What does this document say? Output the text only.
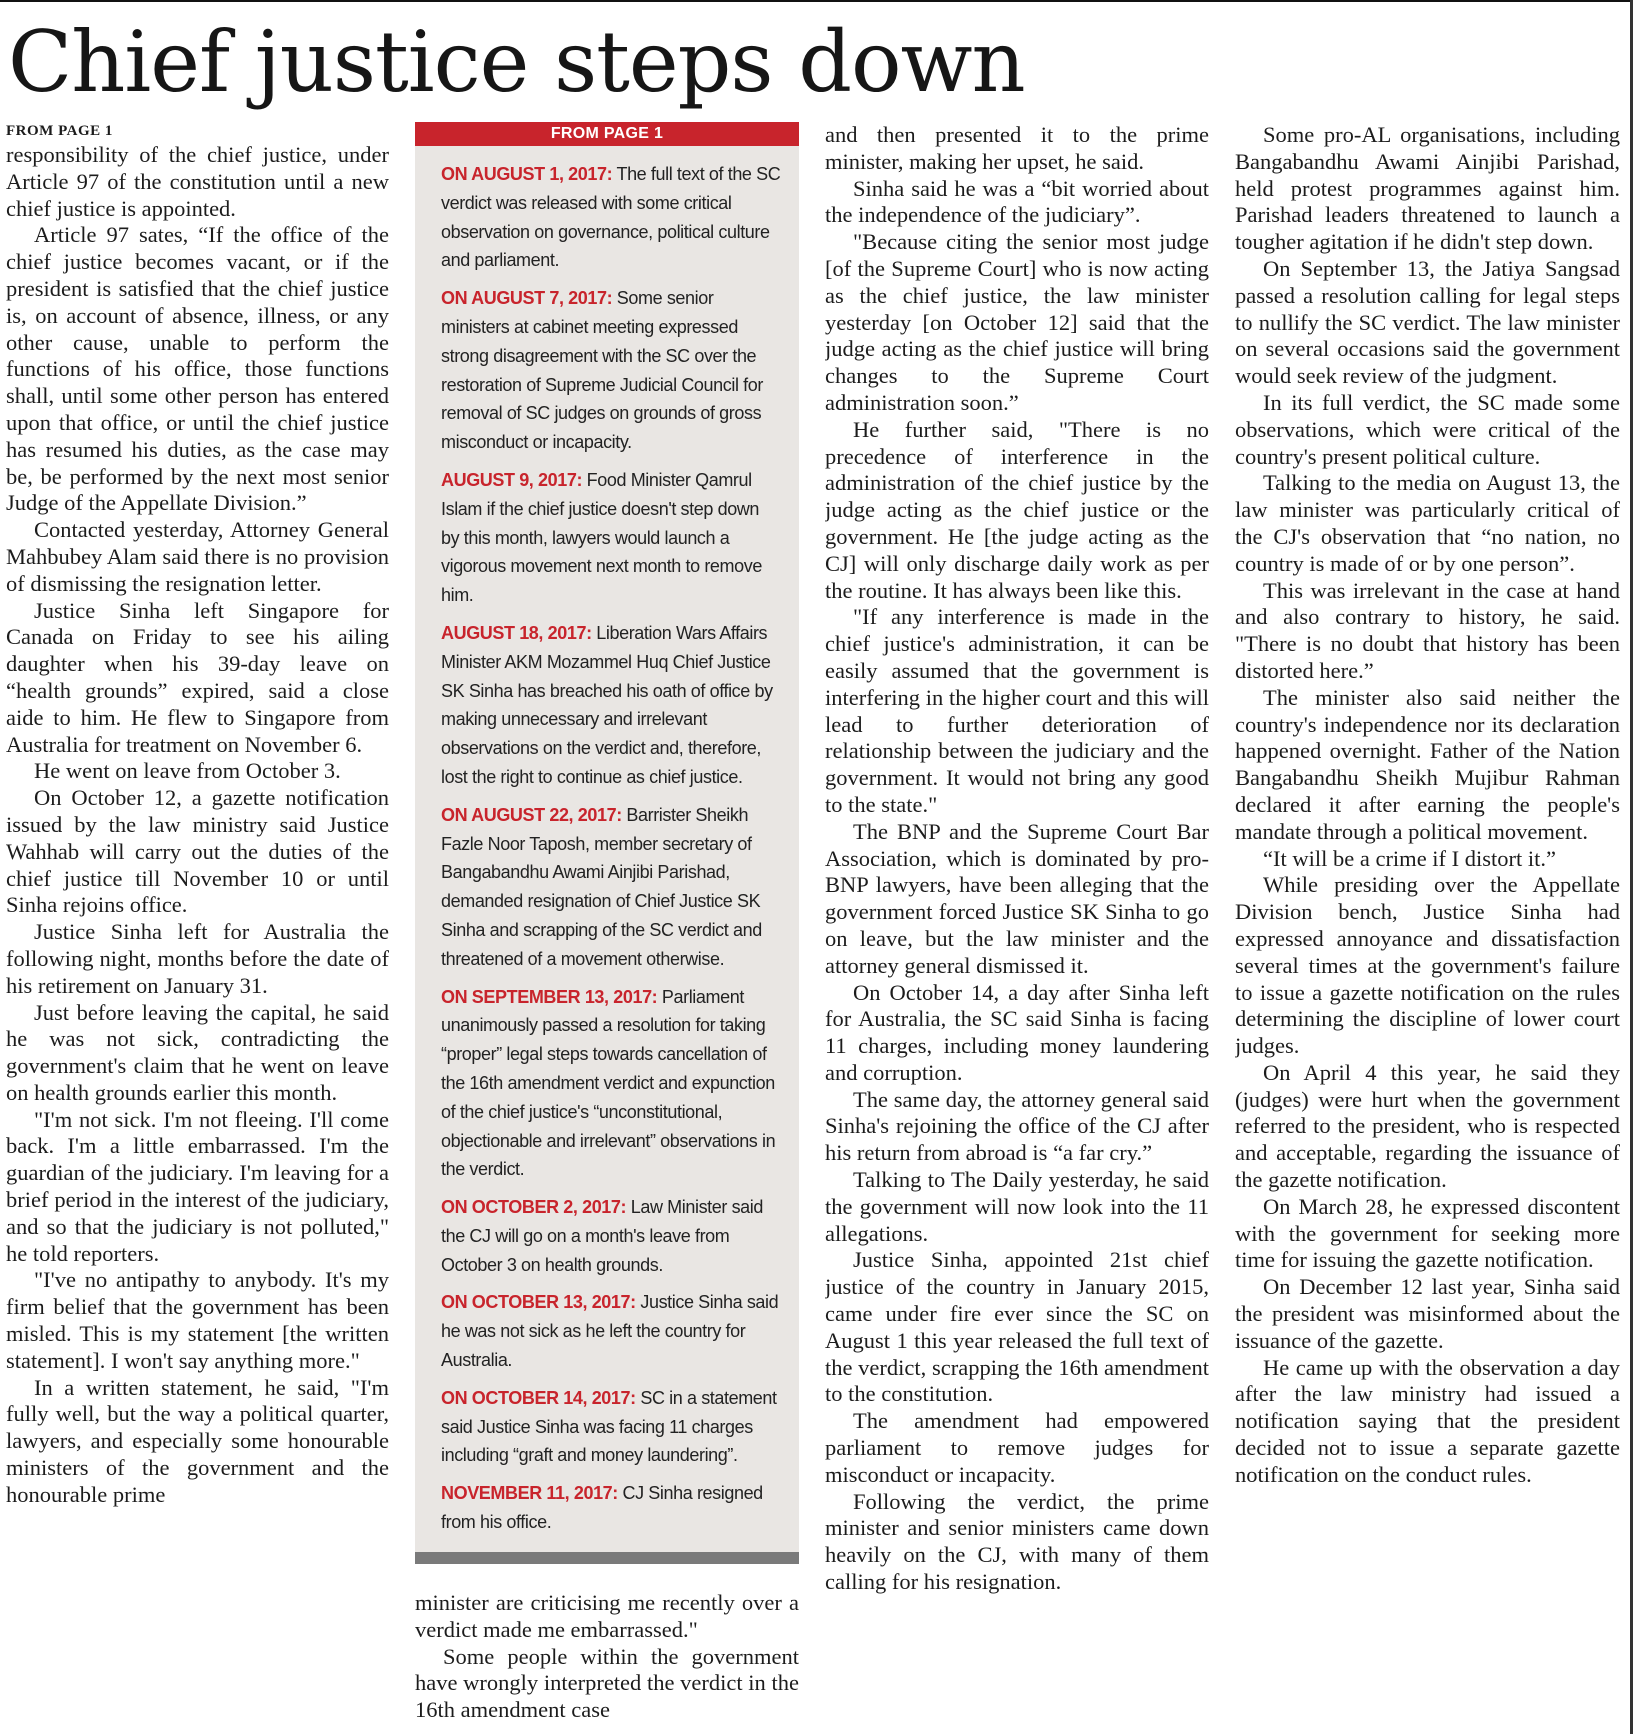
Chief justice steps down
FROM PAGE 1

responsibility of the chief justice, under Article 97 of the constitution until a new chief justice is appointed.

Article 97 sates, “If the office of the chief justice becomes vacant, or if the president is satisfied that the chief justice is, on account of absence, illness, or any other cause, unable to perform the functions of his office, those functions shall, until some other person has entered upon that office, or until the chief justice has resumed his duties, as the case may be, be performed by the next most senior Judge of the Appellate Division.”

Contacted yesterday, Attorney General Mahbubey Alam said there is no provision of dismissing the resignation letter.

Justice Sinha left Singapore for Canada on Friday to see his ailing daughter when his 39-day leave on “health grounds” expired, said a close aide to him. He flew to Singapore from Australia for treatment on November 6.

He went on leave from October 3.

On October 12, a gazette notification issued by the law ministry said Justice Wahhab will carry out the duties of the chief justice till November 10 or until Sinha rejoins office.

Justice Sinha left for Australia the following night, months before the date of his retirement on January 31.

Just before leaving the capital, he said he was not sick, contradicting the government's claim that he went on leave on health grounds earlier this month.

"I'm not sick. I'm not fleeing. I'll come back. I'm a little embarrassed. I'm the guardian of the judiciary. I'm leaving for a brief period in the interest of the judiciary, and so that the judiciary is not polluted," he told reporters.

"I've no antipathy to anybody. It's my firm belief that the government has been misled. This is my statement [the written statement]. I won't say anything more."

In a written statement, he said, "I'm fully well, but the way a political quarter, lawyers, and especially some honourable ministers of the government and the honourable prime

FROM PAGE 1
ON AUGUST 1, 2017: The full text of the SC verdict was released with some critical observation on governance, political culture and parliament.
ON AUGUST 7, 2017: Some senior ministers at cabinet meeting expressed strong disagreement with the SC over the restoration of Supreme Judicial Council for removal of SC judges on grounds of gross misconduct or incapacity.
AUGUST 9, 2017: Food Minister Qamrul Islam if the chief justice doesn't step down by this month, lawyers would launch a vigorous movement next month to remove him.
AUGUST 18, 2017: Liberation Wars Affairs Minister AKM Mozammel Huq Chief Justice SK Sinha has breached his oath of office by making unnecessary and irrelevant observations on the verdict and, therefore, lost the right to continue as chief justice.
ON AUGUST 22, 2017: Barrister Sheikh Fazle Noor Taposh, member secretary of Bangabandhu Awami Ainjibi Parishad, demanded resignation of Chief Justice SK Sinha and scrapping of the SC verdict and threatened of a movement otherwise.
ON SEPTEMBER 13, 2017: Parliament unanimously passed a resolution for taking “proper” legal steps towards cancellation of the 16th amendment verdict and expunction of the chief justice's “unconstitutional, objectionable and irrelevant” observations in the verdict.
ON OCTOBER 2, 2017: Law Minister said the CJ will go on a month's leave from October 3 on health grounds.
ON OCTOBER 13, 2017: Justice Sinha said he was not sick as he left the country for Australia.
ON OCTOBER 14, 2017: SC in a statement said Justice Sinha was facing 11 charges including “graft and money laundering”.
NOVEMBER 11, 2017: CJ Sinha resigned from his office.

minister are criticising me recently over a verdict made me embarrassed."

Some people within the government have wrongly interpreted the verdict in the 16th amendment case

and then presented it to the prime minister, making her upset, he said.

Sinha said he was a “bit worried about the independence of the judiciary”.

"Because citing the senior most judge [of the Supreme Court] who is now acting as the chief justice, the law minister yesterday [on October 12] said that the judge acting as the chief justice will bring changes to the Supreme Court administration soon.”

He further said, "There is no precedence of interference in the administration of the chief justice by the judge acting as the chief justice or the government. He [the judge acting as the CJ] will only discharge daily work as per the routine. It has always been like this.

"If any interference is made in the chief justice's administration, it can be easily assumed that the government is interfering in the higher court and this will lead to further deterioration of relationship between the judiciary and the government. It would not bring any good to the state."

The BNP and the Supreme Court Bar Association, which is dominated by pro-BNP lawyers, have been alleging that the government forced Justice SK Sinha to go on leave, but the law minister and the attorney general dismissed it.

On October 14, a day after Sinha left for Australia, the SC said Sinha is facing 11 charges, including money laundering and corruption.

The same day, the attorney general said Sinha's rejoining the office of the CJ after his return from abroad is “a far cry.”

Talking to The Daily yesterday, he said the government will now look into the 11 allegations.

Justice Sinha, appointed 21st chief justice of the country in January 2015, came under fire ever since the SC on August 1 this year released the full text of the verdict, scrapping the 16th amendment to the constitution.

The amendment had empowered parliament to remove judges for misconduct or incapacity.

Following the verdict, the prime minister and senior ministers came down heavily on the CJ, with many of them calling for his resignation.

Some pro-AL organisations, including Bangabandhu Awami Ainjibi Parishad, held protest programmes against him. Parishad leaders threatened to launch a tougher agitation if he didn't step down.

On September 13, the Jatiya Sangsad passed a resolution calling for legal steps to nullify the SC verdict. The law minister on several occasions said the government would seek review of the judgment.

In its full verdict, the SC made some observations, which were critical of the country's present political culture.

Talking to the media on August 13, the law minister was particularly critical of the CJ's observation that “no nation, no country is made of or by one person”.

This was irrelevant in the case at hand and also contrary to history, he said. "There is no doubt that history has been distorted here.”

The minister also said neither the country's independence nor its declaration happened overnight. Father of the Nation Bangabandhu Sheikh Mujibur Rahman declared it after earning the people's mandate through a political movement.

“It will be a crime if I distort it.”

While presiding over the Appellate Division bench, Justice Sinha had expressed annoyance and dissatisfaction several times at the government's failure to issue a gazette notification on the rules determining the discipline of lower court judges.

On April 4 this year, he said they (judges) were hurt when the government referred to the president, who is respected and acceptable, regarding the issuance of the gazette notification.

On March 28, he expressed discontent with the government for seeking more time for issuing the gazette notification.

On December 12 last year, Sinha said the president was misinformed about the issuance of the gazette.

He came up with the observation a day after the law ministry had issued a notification saying that the president decided not to issue a separate gazette notification on the conduct rules.
